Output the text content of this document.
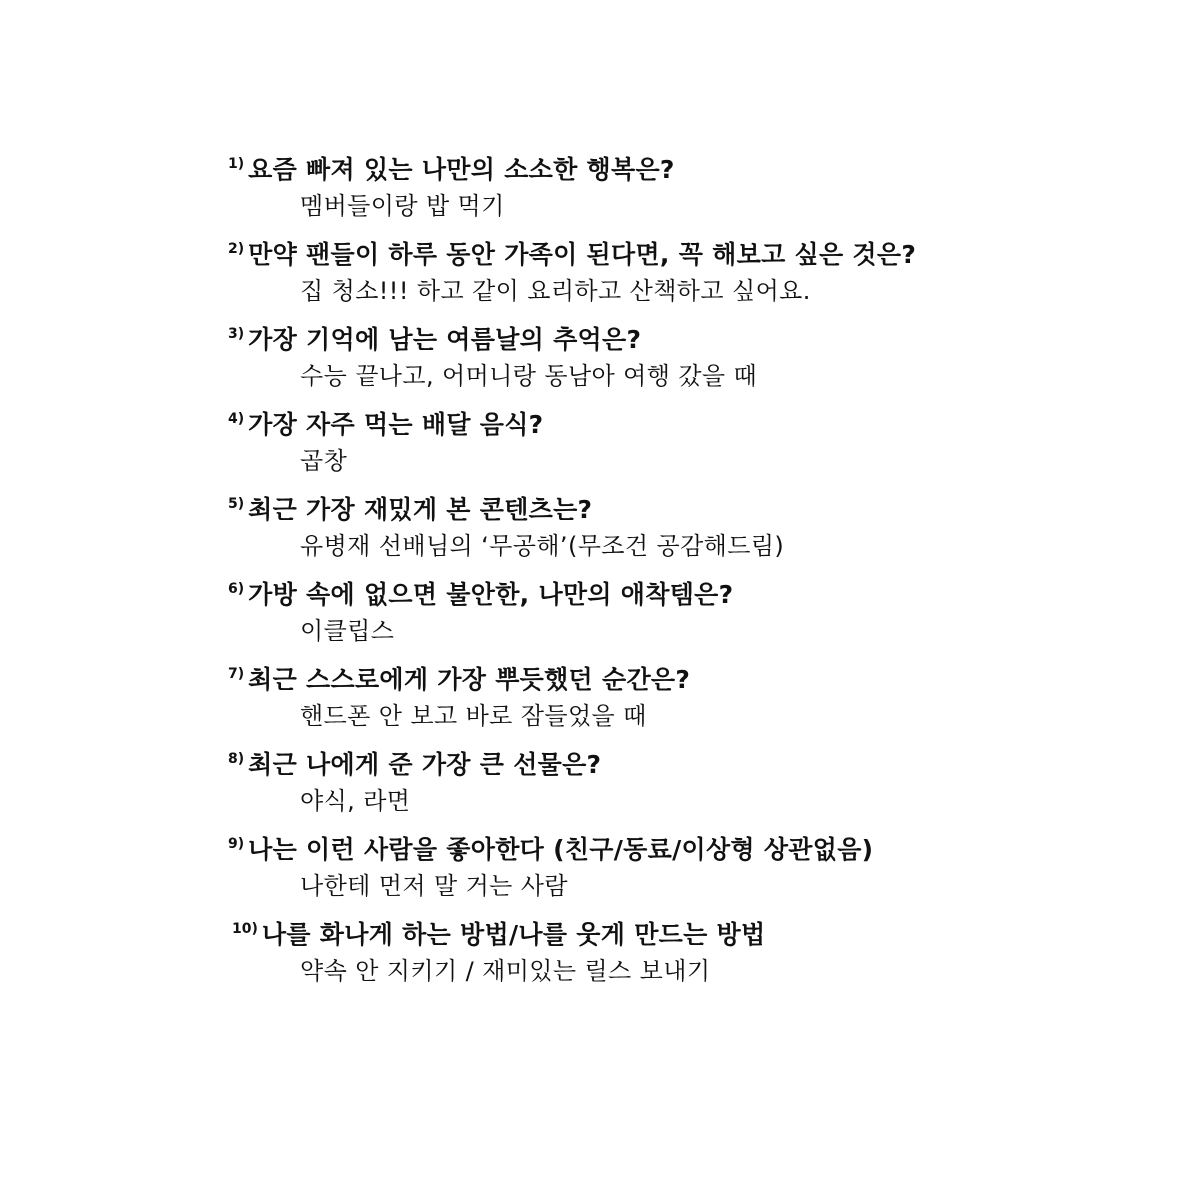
1) 요즘 빠져 있는 나만의 소소한 행복은?
멤버들이랑 밥 먹기
2) 만약 팬들이 하루 동안 가족이 된다면, 꼭 해보고 싶은 것은?
집 청소!!! 하고 같이 요리하고 산책하고 싶어요.
3) 가장 기억에 남는 여름날의 추억은?
수능 끝나고, 어머니랑 동남아 여행 갔을 때
4) 가장 자주 먹는 배달 음식?
곱창
5) 최근 가장 재밌게 본 콘텐츠는?
유병재 선배님의 ‘무공해’(무조건 공감해드림)
6) 가방 속에 없으면 불안한, 나만의 애착템은?
이클립스
7) 최근 스스로에게 가장 뿌듯했던 순간은?
핸드폰 안 보고 바로 잠들었을 때
8) 최근 나에게 준 가장 큰 선물은?
야식, 라면
9) 나는 이런 사람을 좋아한다 (친구/동료/이상형 상관없음)
나한테 먼저 말 거는 사람
10) 나를 화나게 하는 방법/나를 웃게 만드는 방법
약속 안 지키기 / 재미있는 릴스 보내기
